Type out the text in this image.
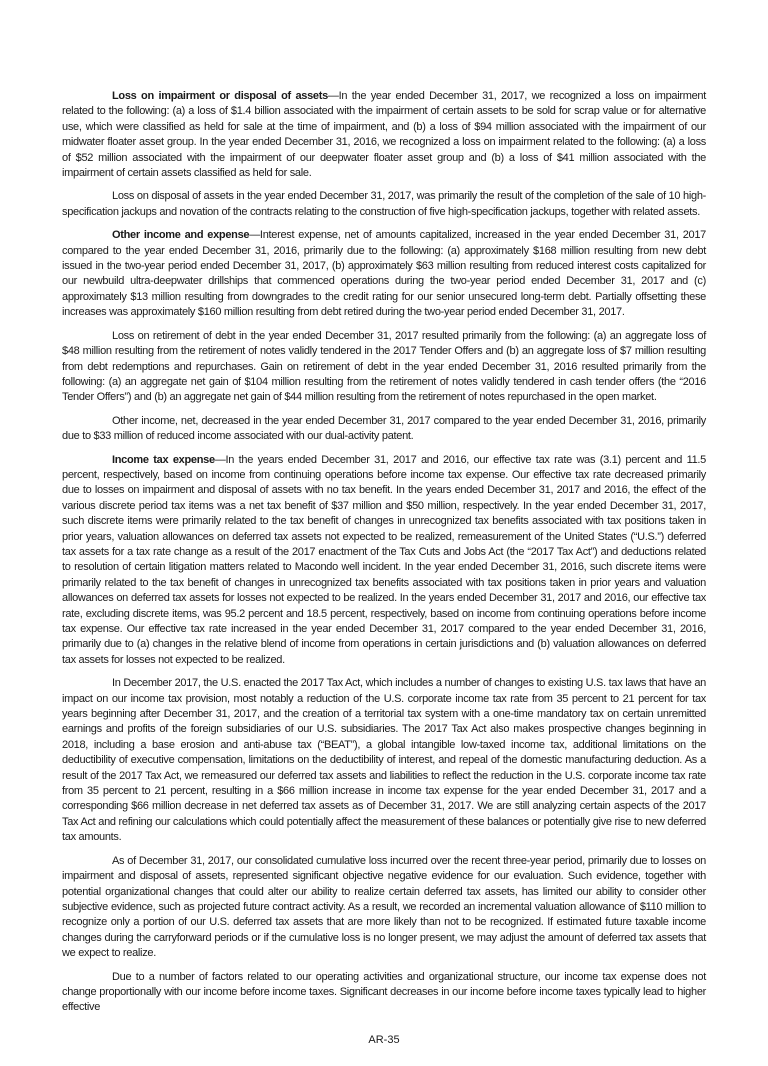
Loss on impairment or disposal of assets—In the year ended December 31, 2017, we recognized a loss on impairment related to the following: (a) a loss of $1.4 billion associated with the impairment of certain assets to be sold for scrap value or for alternative use, which were classified as held for sale at the time of impairment, and (b) a loss of $94 million associated with the impairment of our midwater floater asset group. In the year ended December 31, 2016, we recognized a loss on impairment related to the following: (a) a loss of $52 million associated with the impairment of our deepwater floater asset group and (b) a loss of $41 million associated with the impairment of certain assets classified as held for sale.

Loss on disposal of assets in the year ended December 31, 2017, was primarily the result of the completion of the sale of 10 high-specification jackups and novation of the contracts relating to the construction of five high-specification jackups, together with related assets.

Other income and expense—Interest expense, net of amounts capitalized, increased in the year ended December 31, 2017 compared to the year ended December 31, 2016, primarily due to the following: (a) approximately $168 million resulting from new debt issued in the two-year period ended December 31, 2017, (b) approximately $63 million resulting from reduced interest costs capitalized for our newbuild ultra-deepwater drillships that commenced operations during the two-year period ended December 31, 2017 and (c) approximately $13 million resulting from downgrades to the credit rating for our senior unsecured long-term debt. Partially offsetting these increases was approximately $160 million resulting from debt retired during the two-year period ended December 31, 2017.

Loss on retirement of debt in the year ended December 31, 2017 resulted primarily from the following: (a) an aggregate loss of $48 million resulting from the retirement of notes validly tendered in the 2017 Tender Offers and (b) an aggregate loss of $7 million resulting from debt redemptions and repurchases. Gain on retirement of debt in the year ended December 31, 2016 resulted primarily from the following: (a) an aggregate net gain of $104 million resulting from the retirement of notes validly tendered in cash tender offers (the “2016 Tender Offers”) and (b) an aggregate net gain of $44 million resulting from the retirement of notes repurchased in the open market.

Other income, net, decreased in the year ended December 31, 2017 compared to the year ended December 31, 2016, primarily due to $33 million of reduced income associated with our dual-activity patent.

Income tax expense—In the years ended December 31, 2017 and 2016, our effective tax rate was (3.1) percent and 11.5 percent, respectively, based on income from continuing operations before income tax expense. Our effective tax rate decreased primarily due to losses on impairment and disposal of assets with no tax benefit. In the years ended December 31, 2017 and 2016, the effect of the various discrete period tax items was a net tax benefit of $37 million and $50 million, respectively. In the year ended December 31, 2017, such discrete items were primarily related to the tax benefit of changes in unrecognized tax benefits associated with tax positions taken in prior years, valuation allowances on deferred tax assets not expected to be realized, remeasurement of the United States (“U.S.”) deferred tax assets for a tax rate change as a result of the 2017 enactment of the Tax Cuts and Jobs Act (the “2017 Tax Act”) and deductions related to resolution of certain litigation matters related to Macondo well incident. In the year ended December 31, 2016, such discrete items were primarily related to the tax benefit of changes in unrecognized tax benefits associated with tax positions taken in prior years and valuation allowances on deferred tax assets for losses not expected to be realized. In the years ended December 31, 2017 and 2016, our effective tax rate, excluding discrete items, was 95.2 percent and 18.5 percent, respectively, based on income from continuing operations before income tax expense. Our effective tax rate increased in the year ended December 31, 2017 compared to the year ended December 31, 2016, primarily due to (a) changes in the relative blend of income from operations in certain jurisdictions and (b) valuation allowances on deferred tax assets for losses not expected to be realized.

In December 2017, the U.S. enacted the 2017 Tax Act, which includes a number of changes to existing U.S. tax laws that have an impact on our income tax provision, most notably a reduction of the U.S. corporate income tax rate from 35 percent to 21 percent for tax years beginning after December 31, 2017, and the creation of a territorial tax system with a one-time mandatory tax on certain unremitted earnings and profits of the foreign subsidiaries of our U.S. subsidiaries. The 2017 Tax Act also makes prospective changes beginning in 2018, including a base erosion and anti-abuse tax (“BEAT”), a global intangible low-taxed income tax, additional limitations on the deductibility of executive compensation, limitations on the deductibility of interest, and repeal of the domestic manufacturing deduction. As a result of the 2017 Tax Act, we remeasured our deferred tax assets and liabilities to reflect the reduction in the U.S. corporate income tax rate from 35 percent to 21 percent, resulting in a $66 million increase in income tax expense for the year ended December 31, 2017 and a corresponding $66 million decrease in net deferred tax assets as of December 31, 2017. We are still analyzing certain aspects of the 2017 Tax Act and refining our calculations which could potentially affect the measurement of these balances or potentially give rise to new deferred tax amounts.

As of December 31, 2017, our consolidated cumulative loss incurred over the recent three-year period, primarily due to losses on impairment and disposal of assets, represented significant objective negative evidence for our evaluation. Such evidence, together with potential organizational changes that could alter our ability to realize certain deferred tax assets, has limited our ability to consider other subjective evidence, such as projected future contract activity. As a result, we recorded an incremental valuation allowance of $110 million to recognize only a portion of our U.S. deferred tax assets that are more likely than not to be recognized. If estimated future taxable income changes during the carryforward periods or if the cumulative loss is no longer present, we may adjust the amount of deferred tax assets that we expect to realize.

Due to a number of factors related to our operating activities and organizational structure, our income tax expense does not change proportionally with our income before income taxes. Significant decreases in our income before income taxes typically lead to higher effective

AR-35
